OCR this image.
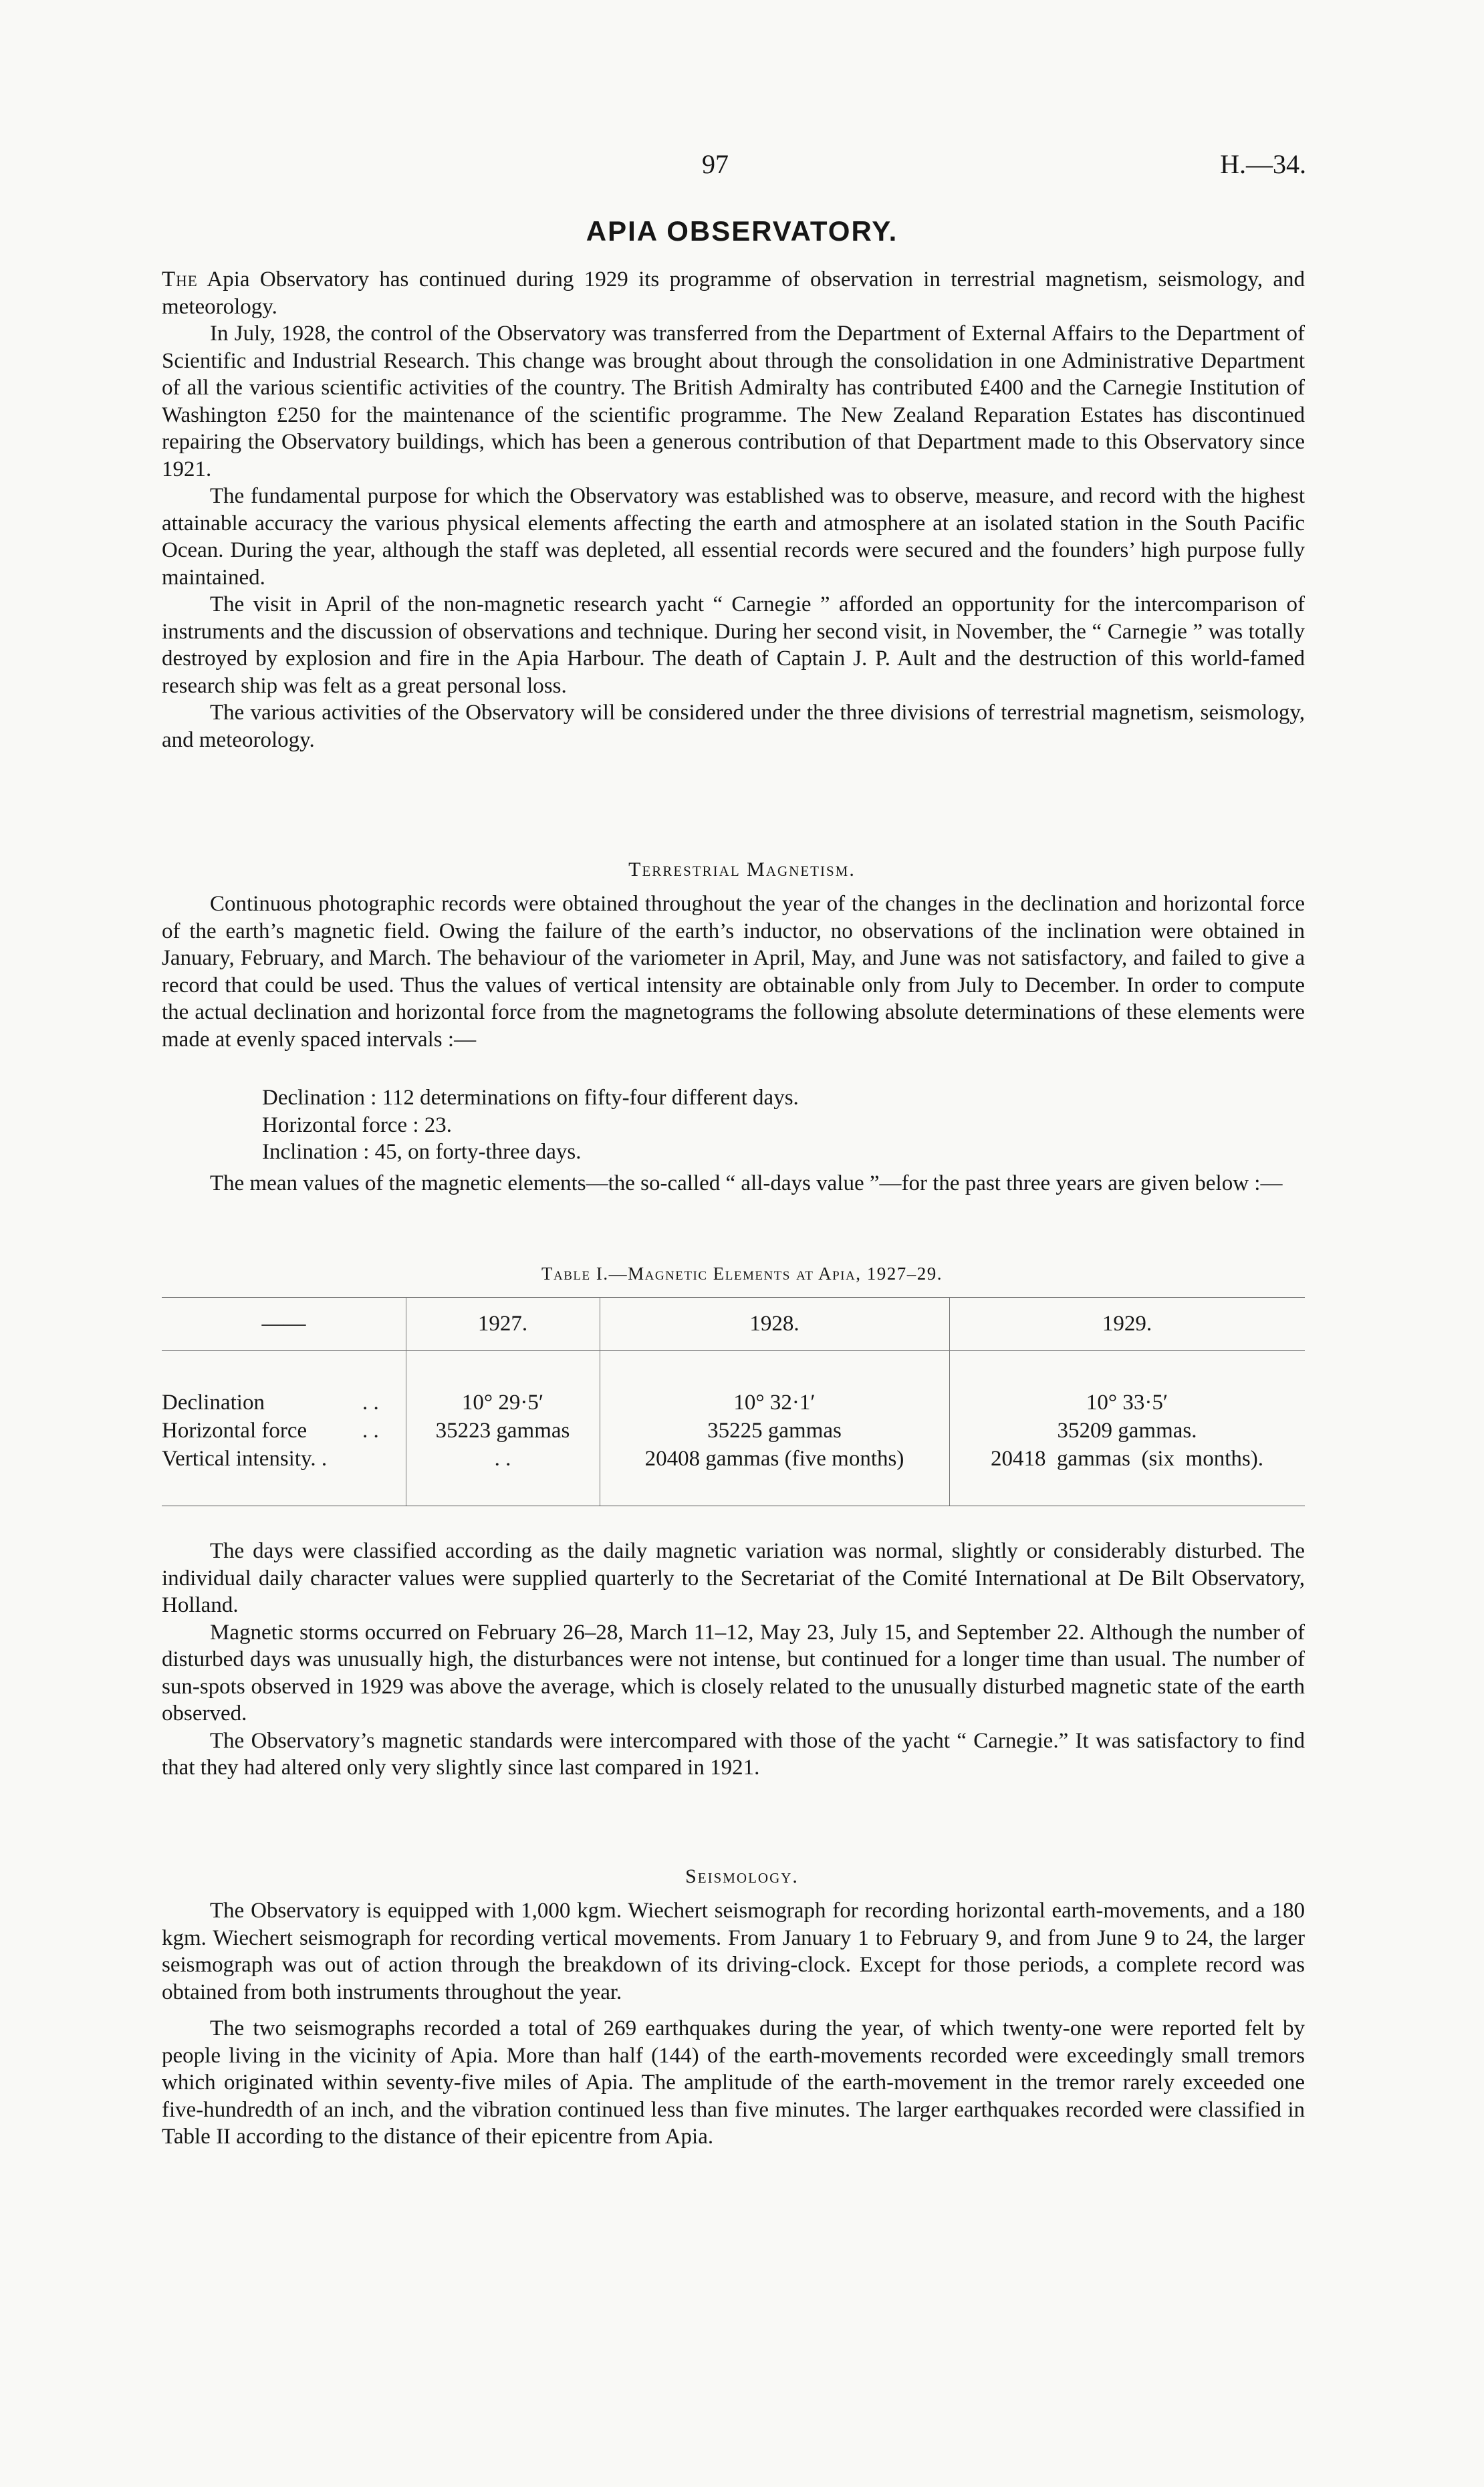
97	H.—34.
APIA OBSERVATORY.

The Apia Observatory has continued during 1929 its programme of observation in terrestrial magnetism, seismology, and meteorology.

In July, 1928, the control of the Observatory was transferred from the Department of External Affairs to the Department of Scientific and Industrial Research. This change was brought about through the consolidation in one Administrative Department of all the various scientific activities of the country. The British Admiralty has contributed £400 and the Carnegie Institution of Washington £250 for the maintenance of the scientific programme. The New Zealand Reparation Estates has discontinued repairing the Observatory buildings, which has been a generous contribution of that Department made to this Observatory since 1921.

The fundamental purpose for which the Observatory was established was to observe, measure, and record with the highest attainable accuracy the various physical elements affecting the earth and atmosphere at an isolated station in the South Pacific Ocean. During the year, although the staff was depleted, all essential records were secured and the founders’ high purpose fully maintained.

The visit in April of the non-magnetic research yacht “ Carnegie ” afforded an opportunity for the intercomparison of instruments and the discussion of observations and technique. During her second visit, in November, the “ Carnegie ” was totally destroyed by explosion and fire in the Apia Harbour. The death of Captain J. P. Ault and the destruction of this world-famed research ship was felt as a great personal loss.

The various activities of the Observatory will be considered under the three divisions of terrestrial magnetism, seismology, and meteorology.

Terrestrial Magnetism.

Continuous photographic records were obtained throughout the year of the changes in the declination and horizontal force of the earth’s magnetic field. Owing the failure of the earth’s inductor, no observations of the inclination were obtained in January, February, and March. The behaviour of the variometer in April, May, and June was not satisfactory, and failed to give a record that could be used. Thus the values of vertical intensity are obtainable only from July to December. In order to compute the actual declination and horizontal force from the magnetograms the following absolute determinations of these elements were made at evenly spaced intervals :—

Declination : 112 determinations on fifty-four different days.
Horizontal force : 23.
Inclination : 45, on forty-three days.

The mean values of the magnetic elements—the so-called “ all-days value ”—for the past three years are given below :—

Table I.—Magnetic Elements at Apia, 1927–29.
——	1927.	1928.	1929.
Declination	. .	10° 29·5′	10° 32·1′	10° 33·5′
Horizontal force	. .	35223 gammas	35225 gammas	35209 gammas.
Vertical intensity. .	. .	20408 gammas (five months)	20418  gammas  (six  months).

The days were classified according as the daily magnetic variation was normal, slightly or considerably disturbed. The individual daily character values were supplied quarterly to the Secretariat of the Comité International at De Bilt Observatory, Holland.

Magnetic storms occurred on February 26–28, March 11–12, May 23, July 15, and September 22. Although the number of disturbed days was unusually high, the disturbances were not intense, but continued for a longer time than usual. The number of sun-spots observed in 1929 was above the average, which is closely related to the unusually disturbed magnetic state of the earth observed.

The Observatory’s magnetic standards were intercompared with those of the yacht “ Carnegie.” It was satisfactory to find that they had altered only very slightly since last compared in 1921.

Seismology.

The Observatory is equipped with 1,000 kgm. Wiechert seismograph for recording horizontal earth-movements, and a 180 kgm. Wiechert seismograph for recording vertical movements. From January 1 to February 9, and from June 9 to 24, the larger seismograph was out of action through the breakdown of its driving-clock. Except for those periods, a complete record was obtained from both instruments throughout the year.

The two seismographs recorded a total of 269 earthquakes during the year, of which twenty-one were reported felt by people living in the vicinity of Apia. More than half (144) of the earth-movements recorded were exceedingly small tremors which originated within seventy-five miles of Apia. The amplitude of the earth-movement in the tremor rarely exceeded one five-hundredth of an inch, and the vibration continued less than five minutes. The larger earthquakes recorded were classified in Table II according to the distance of their epicentre from Apia.
